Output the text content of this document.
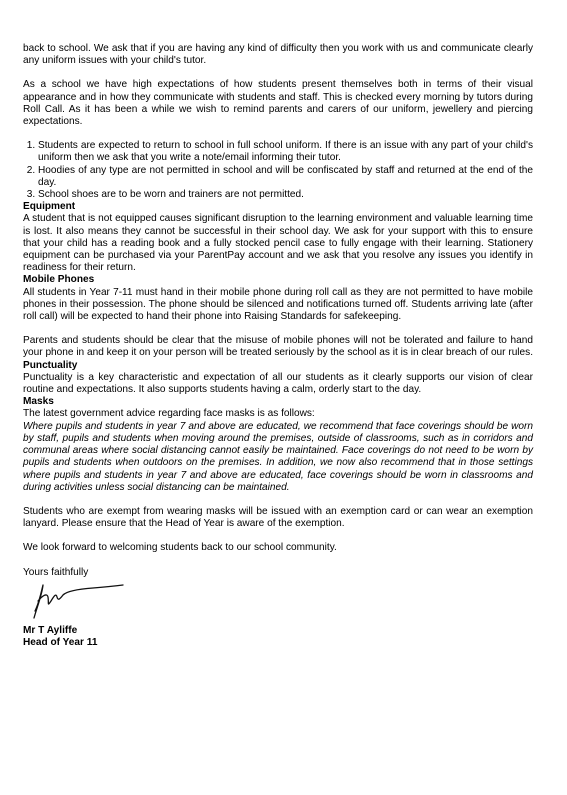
back to school. We ask that if you are having any kind of difficulty then you work with us and communicate clearly any uniform issues with your child's tutor.

As a school we have high expectations of how students present themselves both in terms of their visual appearance and in how they communicate with students and staff. This is checked every morning by tutors during Roll Call. As it has been a while we wish to remind parents and carers of our uniform, jewellery and piercing expectations.

1. Students are expected to return to school in full school uniform. If there is an issue with any part of your child's uniform then we ask that you write a note/email informing their tutor.
2. Hoodies of any type are not permitted in school and will be confiscated by staff and returned at the end of the day.
3. School shoes are to be worn and trainers are not permitted.

Equipment

A student that is not equipped causes significant disruption to the learning environment and valuable learning time is lost. It also means they cannot be successful in their school day. We ask for your support with this to ensure that your child has a reading book and a fully stocked pencil case to fully engage with their learning. Stationery equipment can be purchased via your ParentPay account and we ask that you resolve any issues you identify in readiness for their return.

Mobile Phones

All students in Year 7-11 must hand in their mobile phone during roll call as they are not permitted to have mobile phones in their possession. The phone should be silenced and notifications turned off. Students arriving late (after roll call) will be expected to hand their phone into Raising Standards for safekeeping.

Parents and students should be clear that the misuse of mobile phones will not be tolerated and failure to hand your phone in and keep it on your person will be treated seriously by the school as it is in clear breach of our rules.

Punctuality

Punctuality is a key characteristic and expectation of all our students as it clearly supports our vision of clear routine and expectations. It also supports students having a calm, orderly start to the day.

Masks

The latest government advice regarding face masks is as follows:

Where pupils and students in year 7 and above are educated, we recommend that face coverings should be worn by staff, pupils and students when moving around the premises, outside of classrooms, such as in corridors and communal areas where social distancing cannot easily be maintained. Face coverings do not need to be worn by pupils and students when outdoors on the premises. In addition, we now also recommend that in those settings where pupils and students in year 7 and above are educated, face coverings should be worn in classrooms and during activities unless social distancing can be maintained.

Students who are exempt from wearing masks will be issued with an exemption card or can wear an exemption lanyard. Please ensure that the Head of Year is aware of the exemption.

We look forward to welcoming students back to our school community.

Yours faithfully

Mr T Ayliffe

Head of Year 11
